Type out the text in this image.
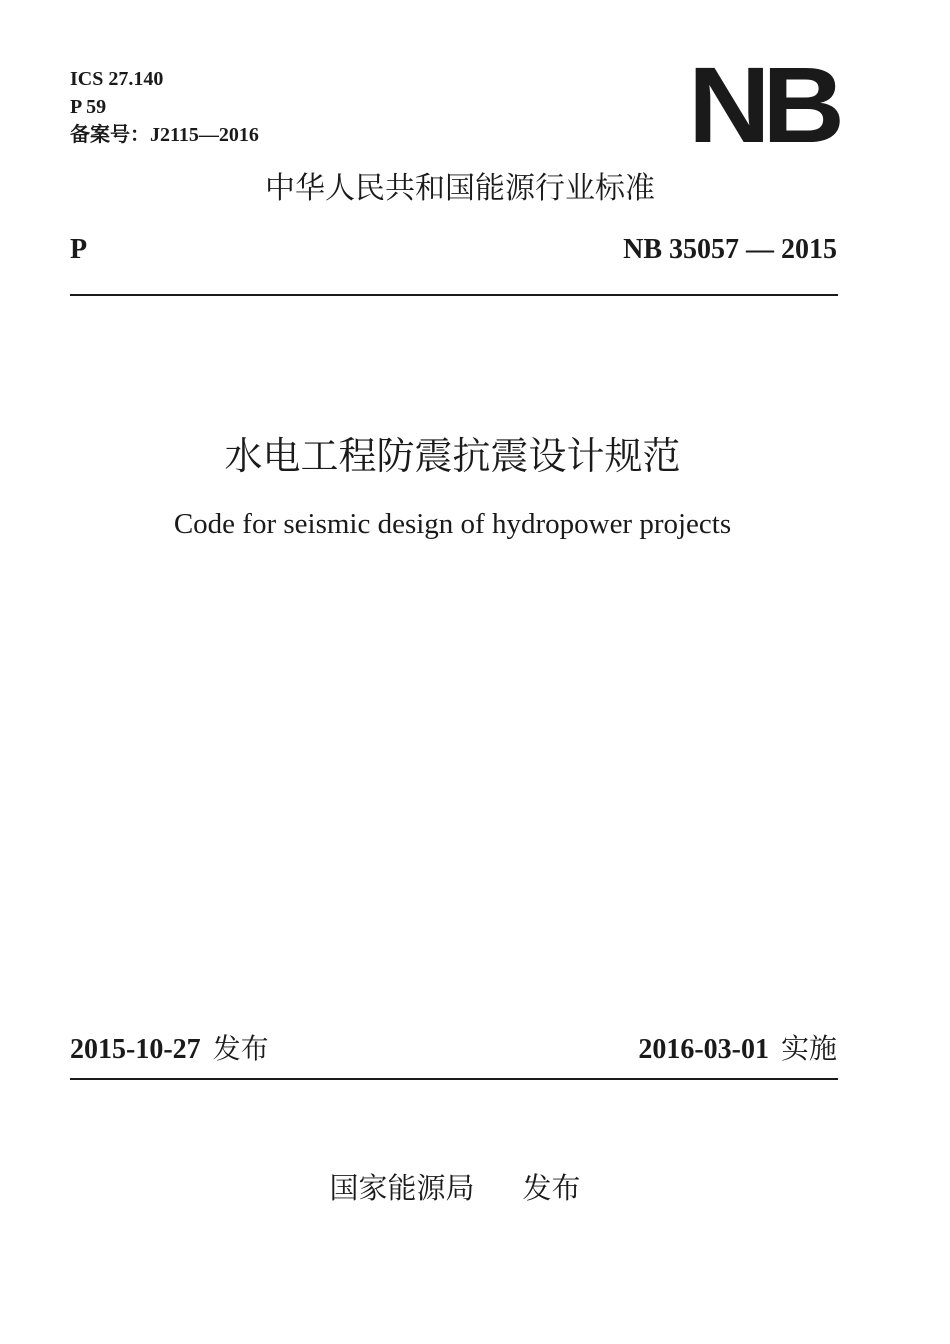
ICS 27.140
P 59
备案号：J2115—2016	NB
中华人民共和国能源行业标准
P	NB 35057 — 2015
水电工程防震抗震设计规范
Code for seismic design of hydropower projects
2015-10-27 发布	2016-03-01 实施
国家能源局 发布
